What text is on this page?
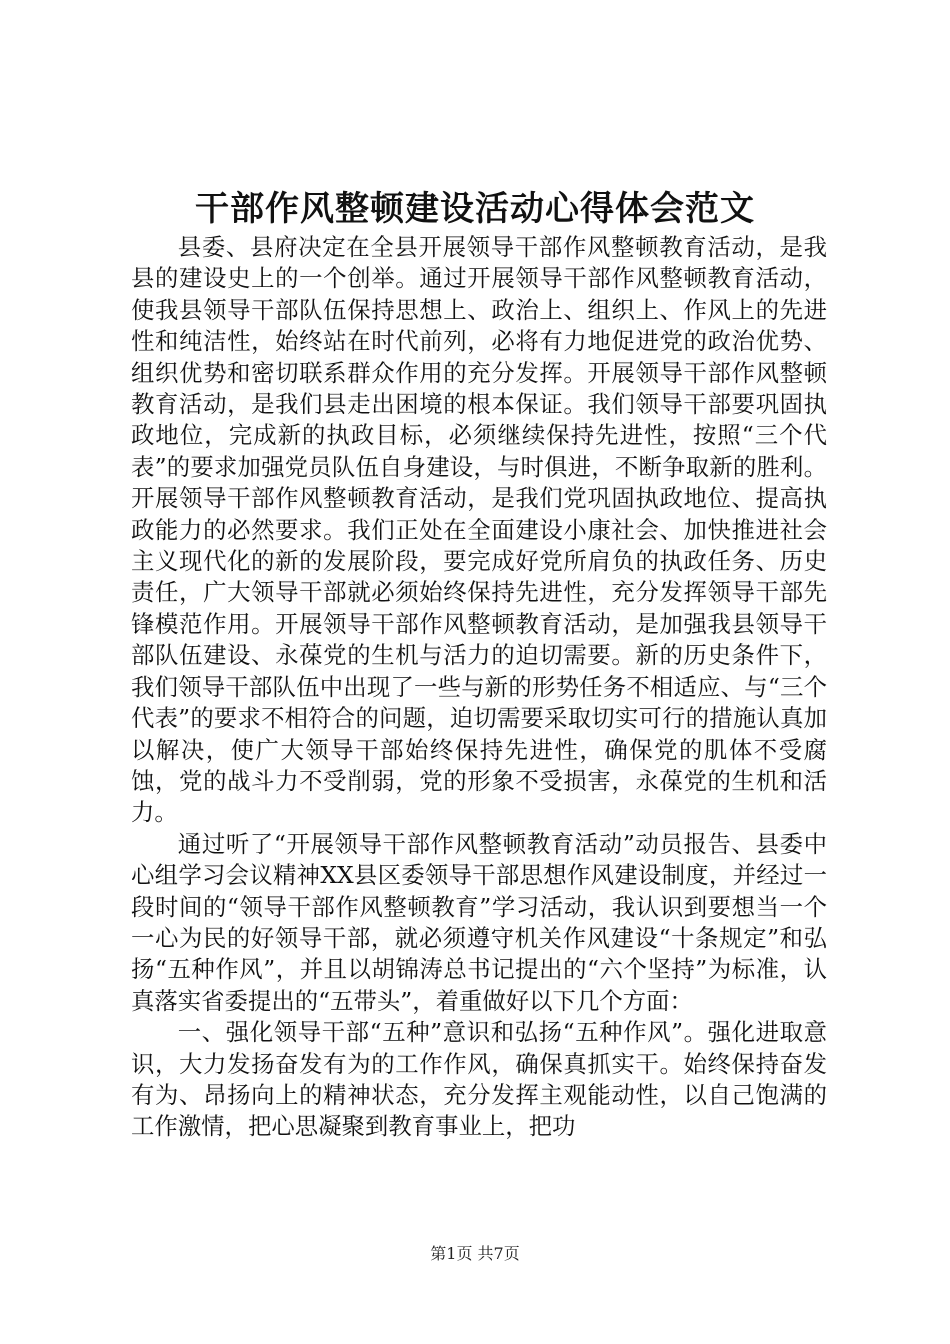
干部作风整顿建设活动心得体会范文

县委、县府决定在全县开展领导干部作风整顿教育活动，是我县的建设史上的一个创举。通过开展领导干部作风整顿教育活动，使我县领导干部队伍保持思想上、政治上、组织上、作风上的先进性和纯洁性，始终站在时代前列，必将有力地促进党的政治优势、组织优势和密切联系群众作用的充分发挥。开展领导干部作风整顿教育活动，是我们县走出困境的根本保证。我们领导干部要巩固执政地位，完成新的执政目标，必须继续保持先进性，按照“三个代表”的要求加强党员队伍自身建设，与时俱进，不断争取新的胜利。开展领导干部作风整顿教育活动，是我们党巩固执政地位、提高执政能力的必然要求。我们正处在全面建设小康社会、加快推进社会主义现代化的新的发展阶段，要完成好党所肩负的执政任务、历史责任，广大领导干部就必须始终保持先进性，充分发挥领导干部先锋模范作用。开展领导干部作风整顿教育活动，是加强我县领导干部队伍建设、永葆党的生机与活力的迫切需要。新的历史条件下，我们领导干部队伍中出现了一些与新的形势任务不相适应、与“三个代表”的要求不相符合的问题，迫切需要采取切实可行的措施认真加以解决，使广大领导干部始终保持先进性，确保党的肌体不受腐蚀，党的战斗力不受削弱，党的形象不受损害，永葆党的生机和活力。

通过听了“开展领导干部作风整顿教育活动”动员报告、县委中心组学习会议精神XX县区委领导干部思想作风建设制度，并经过一段时间的“领导干部作风整顿教育”学习活动，我认识到要想当一个一心为民的好领导干部，就必须遵守机关作风建设“十条规定”和弘扬“五种作风”，并且以胡锦涛总书记提出的“六个坚持”为标准，认真落实省委提出的“五带头”，着重做好以下几个方面：

一、强化领导干部“五种”意识和弘扬“五种作风”。强化进取意识，大力发扬奋发有为的工作作风，确保真抓实干。始终保持奋发有为、昂扬向上的精神状态，充分发挥主观能动性，以自己饱满的工作激情，把心思凝聚到教育事业上，把功

第1页 共7页
